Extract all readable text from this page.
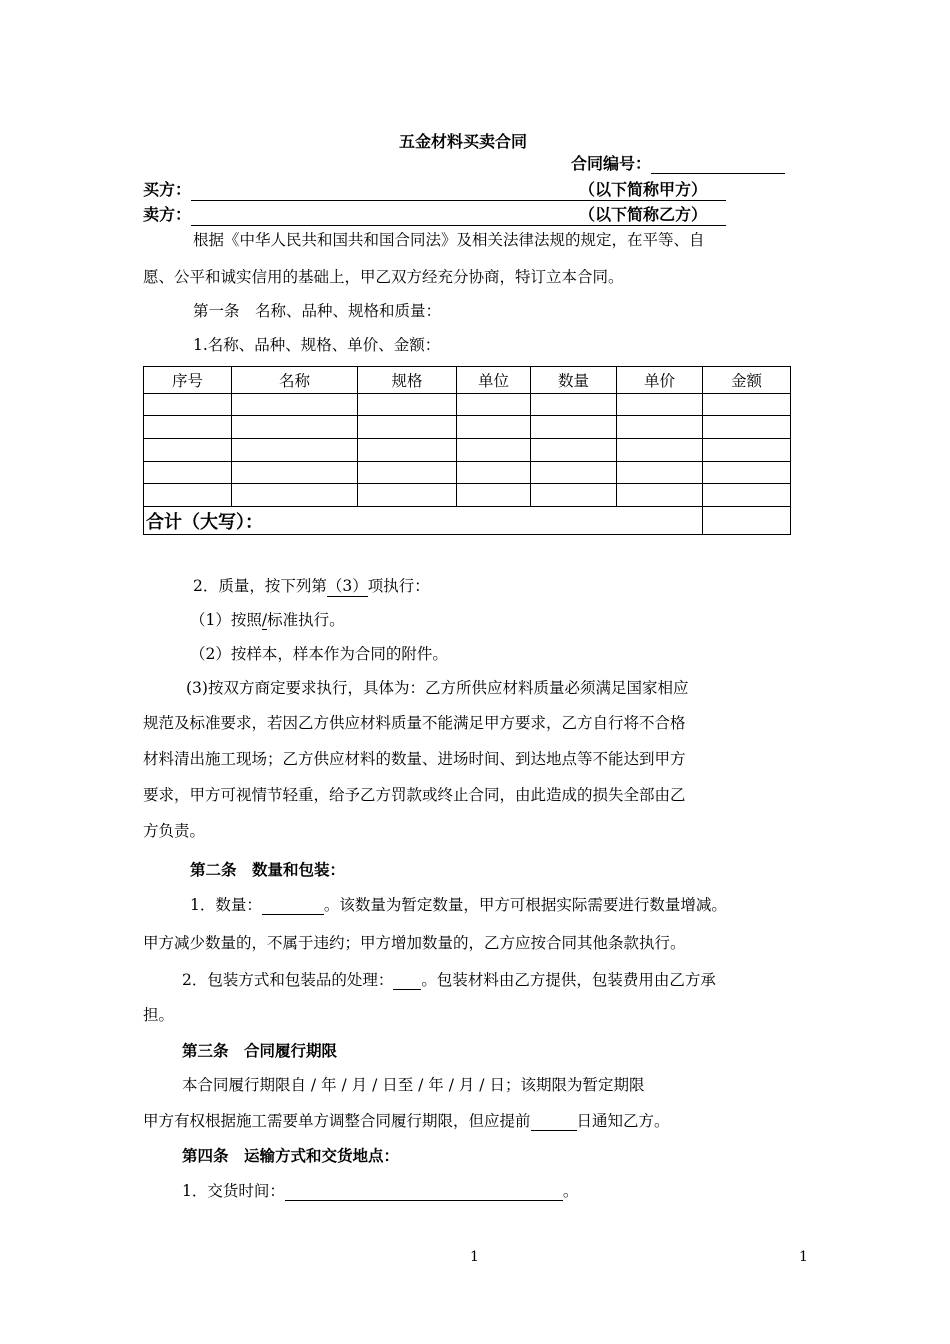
五金材料买卖合同
合同编号：
买方：	（以下简称甲方）
卖方：	（以下简称乙方）
根据《中华人民共和国共和国合同法》及相关法律法规的规定，在平等、自
愿、公平和诚实信用的基础上，甲乙双方经充分协商，特订立本合同。
第一条　名称、品种、规格和质量：
1.名称、品种、规格、单价、金额：
序号	名称	规格	单位	数量	单价	金额

合计（大写）：						
2．质量，按下列第（3）项执行：
（1）按照/标准执行。
（2）按样本，样本作为合同的附件。
(3)按双方商定要求执行，具体为：乙方所供应材料质量必须满足国家相应
规范及标准要求，若因乙方供应材料质量不能满足甲方要求，乙方自行将不合格
材料清出施工现场；乙方供应材料的数量、进场时间、到达地点等不能达到甲方
要求，甲方可视情节轻重，给予乙方罚款或终止合同，由此造成的损失全部由乙
方负责。
第二条　数量和包装：
1．数量：	。该数量为暂定数量，甲方可根据实际需要进行数量增减。
甲方减少数量的，不属于违约；甲方增加数量的，乙方应按合同其他条款执行。
2．包装方式和包装品的处理： 。包装材料由乙方提供，包装费用由乙方承
担。
第三条　合同履行期限
本合同履行期限自 / 年 / 月 / 日至 / 年 / 月 / 日；该期限为暂定期限
甲方有权根据施工需要单方调整合同履行期限，但应提前	日通知乙方。
第四条　运输方式和交货地点：
1．交货时间：	。
1	1
